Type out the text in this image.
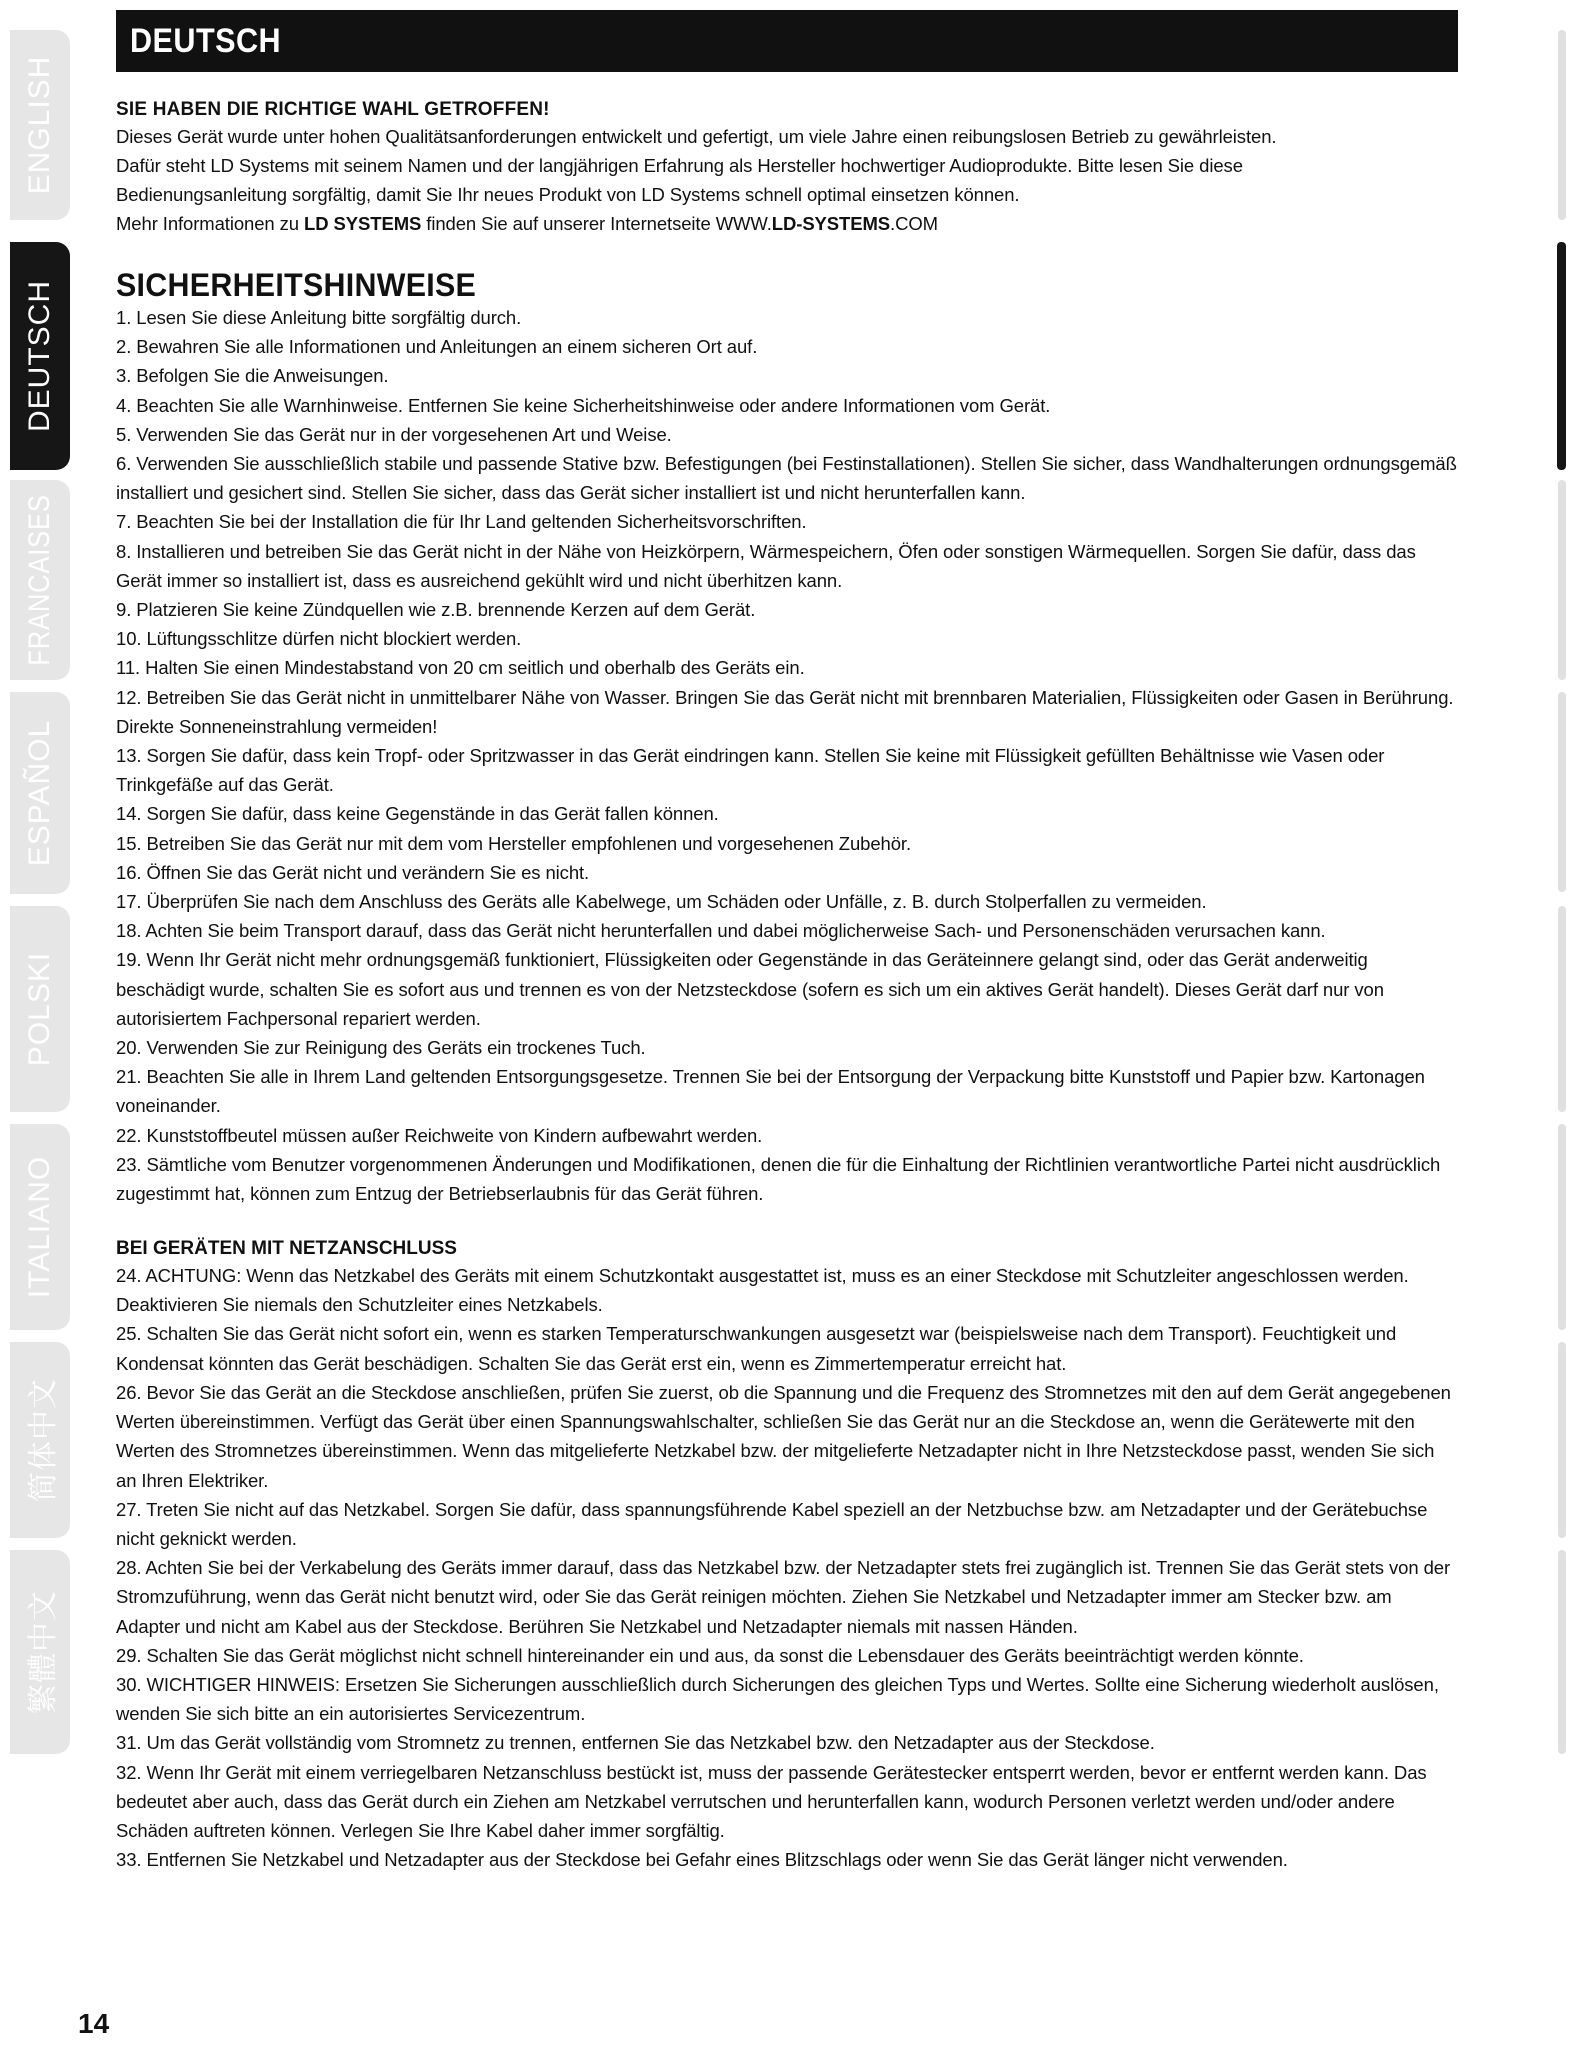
ENGLISH
DEUTSCH
FRANCAISES
ESPAÑOL
POLSKI
ITALIANO
简体中文
繁體中文
DEUTSCH
SIE HABEN DIE RICHTIGE WAHL GETROFFEN!

Dieses Gerät wurde unter hohen Qualitätsanforderungen entwickelt und gefertigt, um viele Jahre einen reibungslosen Betrieb zu gewährleisten.
Dafür steht LD Systems mit seinem Namen und der langjährigen Erfahrung als Hersteller hochwertiger Audioprodukte. Bitte lesen Sie diese
Bedienungsanleitung sorgfältig, damit Sie Ihr neues Produkt von LD Systems schnell optimal einsetzen können.
Mehr Informationen zu LD SYSTEMS finden Sie auf unserer Internetseite WWW.LD-SYSTEMS.COM

SICHERHEITSHINWEISE
1. Lesen Sie diese Anleitung bitte sorgfältig durch.
2. Bewahren Sie alle Informationen und Anleitungen an einem sicheren Ort auf.
3. Befolgen Sie die Anweisungen.
4. Beachten Sie alle Warnhinweise. Entfernen Sie keine Sicherheitshinweise oder andere Informationen vom Gerät.
5. Verwenden Sie das Gerät nur in der vorgesehenen Art und Weise.
6. Verwenden Sie ausschließlich stabile und passende Stative bzw. Befestigungen (bei Festinstallationen). Stellen Sie sicher, dass Wandhalterungen ordnungsgemäß installiert und gesichert sind. Stellen Sie sicher, dass das Gerät sicher installiert ist und nicht herunterfallen kann.
7. Beachten Sie bei der Installation die für Ihr Land geltenden Sicherheitsvorschriften.
8. Installieren und betreiben Sie das Gerät nicht in der Nähe von Heizkörpern, Wärmespeichern, Öfen oder sonstigen Wärmequellen. Sorgen Sie dafür, dass das Gerät immer so installiert ist, dass es ausreichend gekühlt wird und nicht überhitzen kann.
9. Platzieren Sie keine Zündquellen wie z.B. brennende Kerzen auf dem Gerät.
10. Lüftungsschlitze dürfen nicht blockiert werden.
11. Halten Sie einen Mindestabstand von 20 cm seitlich und oberhalb des Geräts ein.
12. Betreiben Sie das Gerät nicht in unmittelbarer Nähe von Wasser. Bringen Sie das Gerät nicht mit brennbaren Materialien, Flüssigkeiten oder Gasen in Berührung. Direkte Sonneneinstrahlung vermeiden!
13. Sorgen Sie dafür, dass kein Tropf- oder Spritzwasser in das Gerät eindringen kann. Stellen Sie keine mit Flüssigkeit gefüllten Behältnisse wie Vasen oder Trinkgefäße auf das Gerät.
14. Sorgen Sie dafür, dass keine Gegenstände in das Gerät fallen können.
15. Betreiben Sie das Gerät nur mit dem vom Hersteller empfohlenen und vorgesehenen Zubehör.
16. Öffnen Sie das Gerät nicht und verändern Sie es nicht.
17. Überprüfen Sie nach dem Anschluss des Geräts alle Kabelwege, um Schäden oder Unfälle, z. B. durch Stolperfallen zu vermeiden.
18. Achten Sie beim Transport darauf, dass das Gerät nicht herunterfallen und dabei möglicherweise Sach- und Personenschäden verursachen kann.
19. Wenn Ihr Gerät nicht mehr ordnungsgemäß funktioniert, Flüssigkeiten oder Gegenstände in das Geräteinnere gelangt sind, oder das Gerät anderweitig beschädigt wurde, schalten Sie es sofort aus und trennen es von der Netzsteckdose (sofern es sich um ein aktives Gerät handelt). Dieses Gerät darf nur von autorisiertem Fachpersonal repariert werden.
20. Verwenden Sie zur Reinigung des Geräts ein trockenes Tuch.
21. Beachten Sie alle in Ihrem Land geltenden Entsorgungsgesetze. Trennen Sie bei der Entsorgung der Verpackung bitte Kunststoff und Papier bzw. Kartonagen voneinander.
22. Kunststoffbeutel müssen außer Reichweite von Kindern aufbewahrt werden.
23. Sämtliche vom Benutzer vorgenommenen Änderungen und Modifikationen, denen die für die Einhaltung der Richtlinien verantwortliche Partei nicht ausdrücklich zugestimmt hat, können zum Entzug der Betriebserlaubnis für das Gerät führen.
BEI GERÄTEN MIT NETZANSCHLUSS
24. ACHTUNG: Wenn das Netzkabel des Geräts mit einem Schutzkontakt ausgestattet ist, muss es an einer Steckdose mit Schutzleiter angeschlossen werden. Deaktivieren Sie niemals den Schutzleiter eines Netzkabels.
25. Schalten Sie das Gerät nicht sofort ein, wenn es starken Temperaturschwankungen ausgesetzt war (beispielsweise nach dem Transport). Feuchtigkeit und Kondensat könnten das Gerät beschädigen. Schalten Sie das Gerät erst ein, wenn es Zimmertemperatur erreicht hat.
26. Bevor Sie das Gerät an die Steckdose anschließen, prüfen Sie zuerst, ob die Spannung und die Frequenz des Stromnetzes mit den auf dem Gerät angegebenen Werten übereinstimmen. Verfügt das Gerät über einen Spannungswahlschalter, schließen Sie das Gerät nur an die Steckdose an, wenn die Gerätewerte mit den Werten des Stromnetzes übereinstimmen. Wenn das mitgelieferte Netzkabel bzw. der mitgelieferte Netzadapter nicht in Ihre Netzsteckdose passt, wenden Sie sich an Ihren Elektriker.
27. Treten Sie nicht auf das Netzkabel. Sorgen Sie dafür, dass spannungsführende Kabel speziell an der Netzbuchse bzw. am Netzadapter und der Gerätebuchse nicht geknickt werden.
28. Achten Sie bei der Verkabelung des Geräts immer darauf, dass das Netzkabel bzw. der Netzadapter stets frei zugänglich ist. Trennen Sie das Gerät stets von der Stromzuführung, wenn das Gerät nicht benutzt wird, oder Sie das Gerät reinigen möchten. Ziehen Sie Netzkabel und Netzadapter immer am Stecker bzw. am Adapter und nicht am Kabel aus der Steckdose. Berühren Sie Netzkabel und Netzadapter niemals mit nassen Händen.
29. Schalten Sie das Gerät möglichst nicht schnell hintereinander ein und aus, da sonst die Lebensdauer des Geräts beeinträchtigt werden könnte.
30. WICHTIGER HINWEIS: Ersetzen Sie Sicherungen ausschließlich durch Sicherungen des gleichen Typs und Wertes. Sollte eine Sicherung wiederholt auslösen, wenden Sie sich bitte an ein autorisiertes Servicezentrum.
31. Um das Gerät vollständig vom Stromnetz zu trennen, entfernen Sie das Netzkabel bzw. den Netzadapter aus der Steckdose.
32. Wenn Ihr Gerät mit einem verriegelbaren Netzanschluss bestückt ist, muss der passende Gerätestecker entsperrt werden, bevor er entfernt werden kann. Das bedeutet aber auch, dass das Gerät durch ein Ziehen am Netzkabel verrutschen und herunterfallen kann, wodurch Personen verletzt werden und/oder andere Schäden auftreten können. Verlegen Sie Ihre Kabel daher immer sorgfältig.
33. Entfernen Sie Netzkabel und Netzadapter aus der Steckdose bei Gefahr eines Blitzschlags oder wenn Sie das Gerät länger nicht verwenden.
14
